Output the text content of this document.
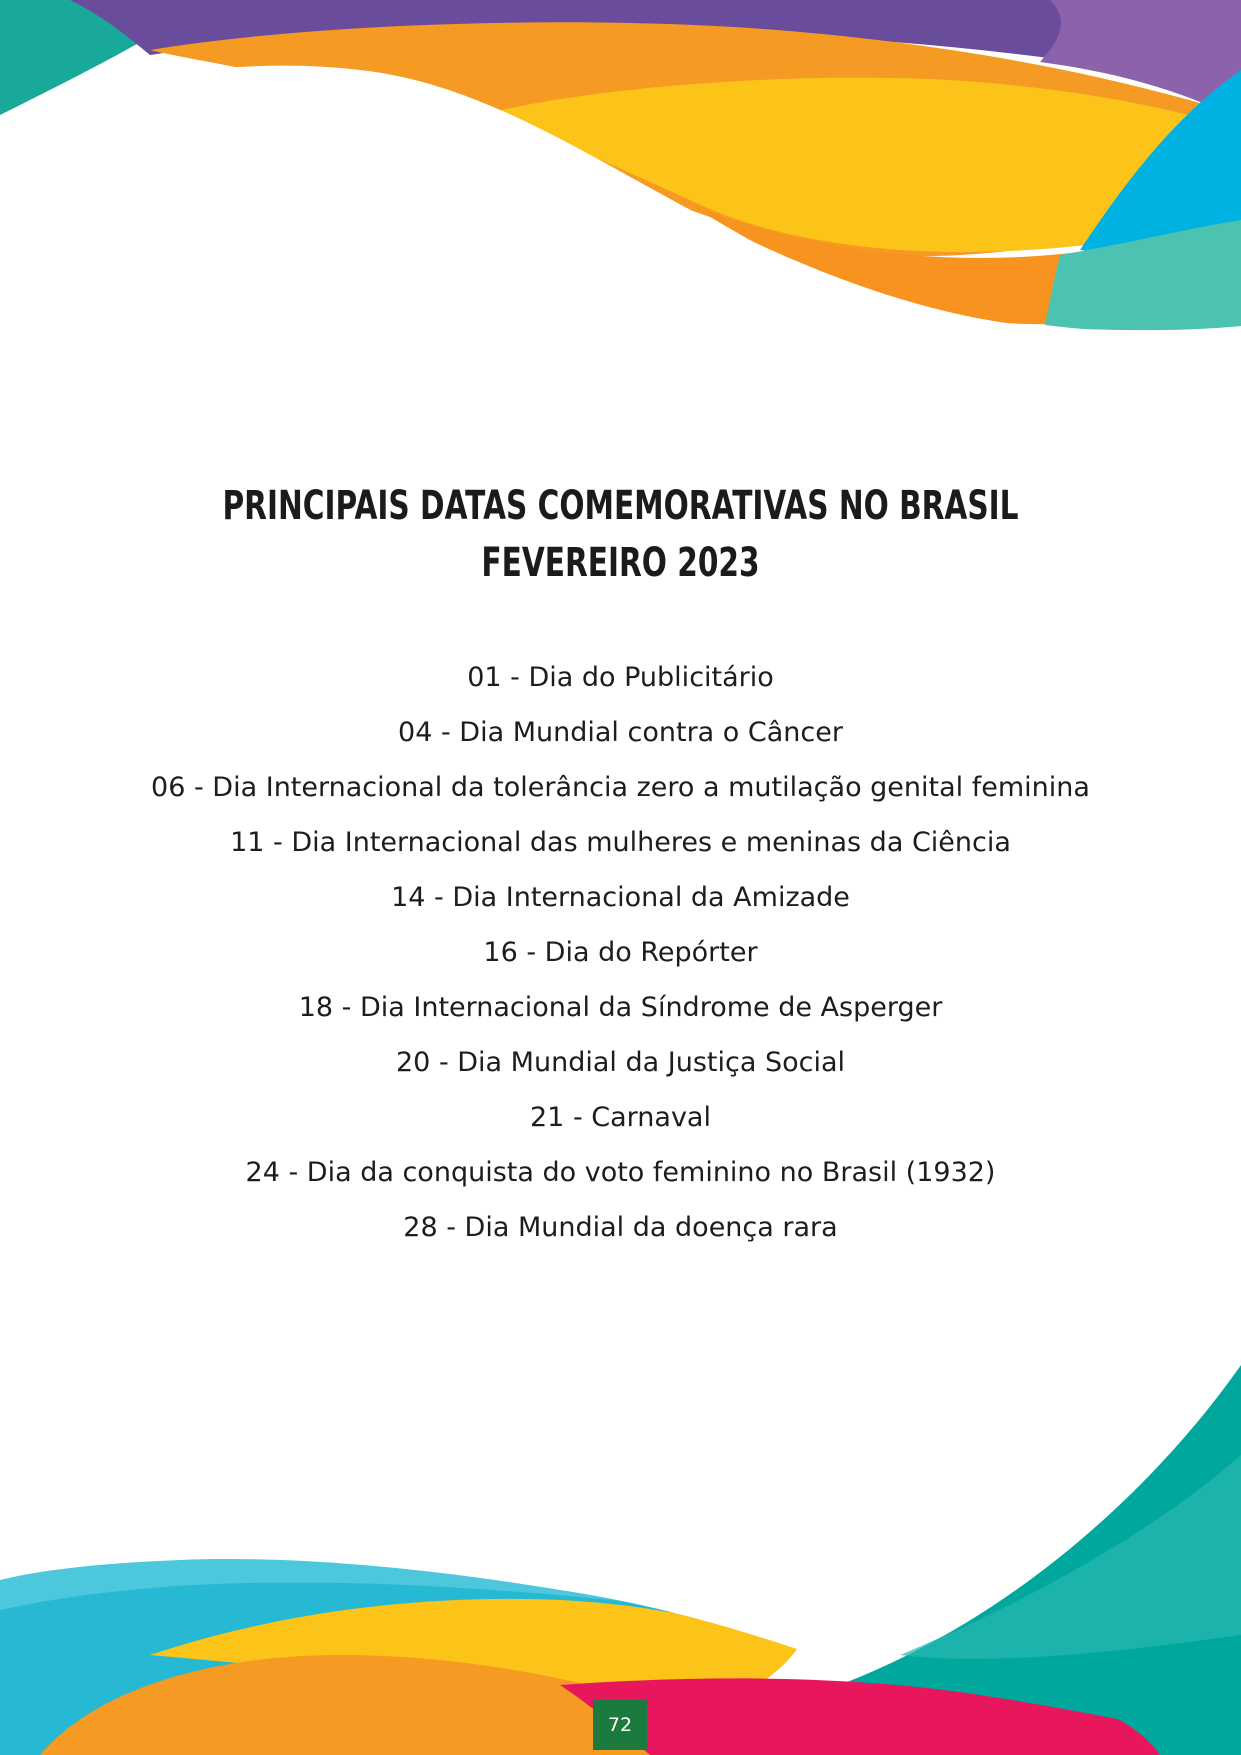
PRINCIPAIS DATAS COMEMORATIVAS NO BRASIL
FEVEREIRO 2023
01 - Dia do Publicitário
04 - Dia Mundial contra o Câncer
06 - Dia Internacional da tolerância zero a mutilação genital feminina
11 - Dia Internacional das mulheres e meninas da Ciência
14 - Dia Internacional da Amizade
16 - Dia do Repórter
18 - Dia Internacional da Síndrome de Asperger
20 - Dia Mundial da Justiça Social
21 - Carnaval
24 - Dia da conquista do voto feminino no Brasil (1932)
28 - Dia Mundial da doença rara
72
